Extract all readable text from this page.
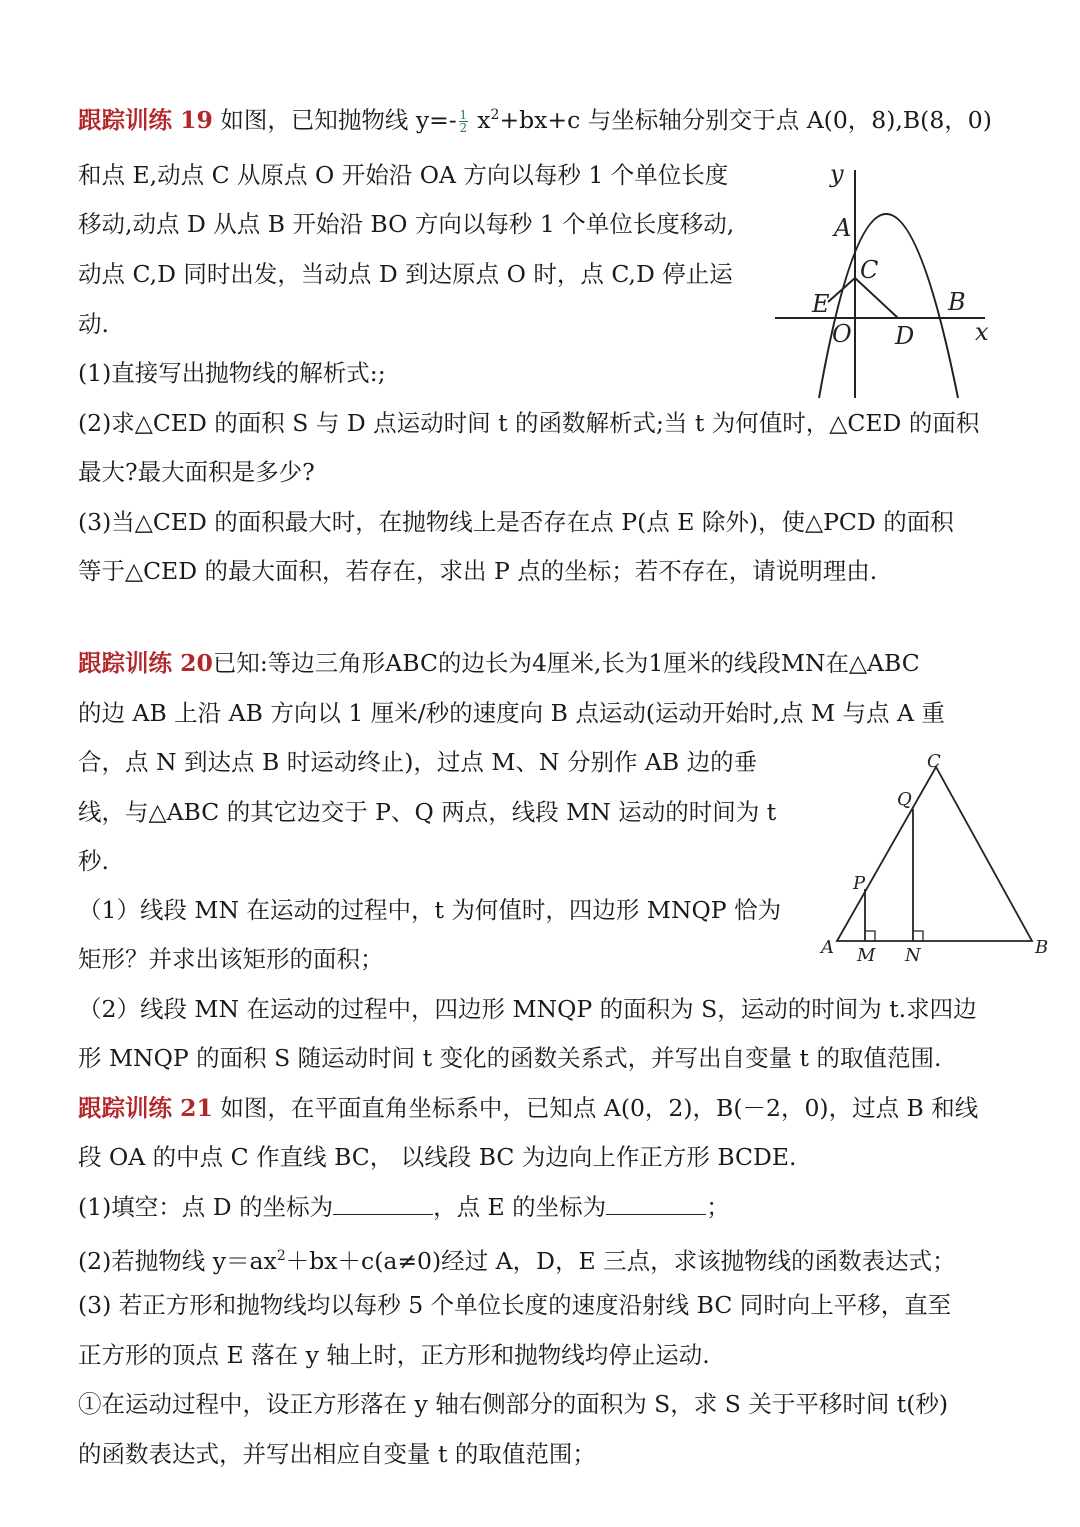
跟踪训练 19 如图，已知抛物线 $y=- \frac{1}{2} x^2+bx+c$ 与坐标轴分别交于点 A(0，8),B(8，0)
和点 E,动点 C 从原点 O 开始沿 OA 方向以每秒 1 个单位长度
移动,动点 D 从点 B 开始沿 BO 方向以每秒 1 个单位长度移动,
动点 C,D 同时出发，当动点 D 到达原点 O 时，点 C,D 停止运
动.
(1)直接写出抛物线的解析式:;
(2)求△CED 的面积 S 与 D 点运动时间 t 的函数解析式;当 t 为何值时，△CED 的面积
最大?最大面积是多少?
(3)当△CED 的面积最大时，在抛物线上是否存在点 P(点 E 除外)，使△PCD 的面积
等于△CED 的最大面积，若存在，求出 P 点的坐标；若不存在，请说明理由.
y
A
C
E	B
O D	x
跟踪训练 20已知:等边三角形ABC的边长为4厘米,长为1厘米的线段MN在△ABC
的边 AB 上沿 AB 方向以 1 厘米/秒的速度向 B 点运动(运动开始时,点 M 与点 A 重
合，点 N 到达点 B 时运动终止)，过点 M、N 分别作 AB 边的垂
线，与△ABC 的其它边交于 P、Q 两点，线段 MN 运动的时间为 t
秒.
（1）线段 MN 在运动的过程中，t 为何值时，四边形 MNQP 恰为
矩形？并求出该矩形的面积；
（2）线段 MN 在运动的过程中，四边形 MNQP 的面积为 S，运动的时间为 t.求四边
形 MNQP 的面积 S 随运动时间 t 变化的函数关系式，并写出自变量 t 的取值范围.
C
Q
P
A M N	B
跟踪训练 21 如图，在平面直角坐标系中，已知点 A(0，2)，B(－2，0)，过点 B 和线
段 OA 的中点 C 作直线 BC， 以线段 BC 为边向上作正方形 BCDE.
(1)填空：点 D 的坐标为	，点 E 的坐标为	；
(2)若抛物线 $y=ax^2+bx+c(a\ne 0)$经过 A，D，E 三点，求该抛物线的函数表达式；
(3) 若正方形和抛物线均以每秒 5 个单位长度的速度沿射线 BC 同时向上平移，直至
正方形的顶点 E 落在 y 轴上时，正方形和抛物线均停止运动.
①在运动过程中，设正方形落在 y 轴右侧部分的面积为 S，求 S 关于平移时间 t(秒)
的函数表达式，并写出相应自变量 t 的取值范围；
